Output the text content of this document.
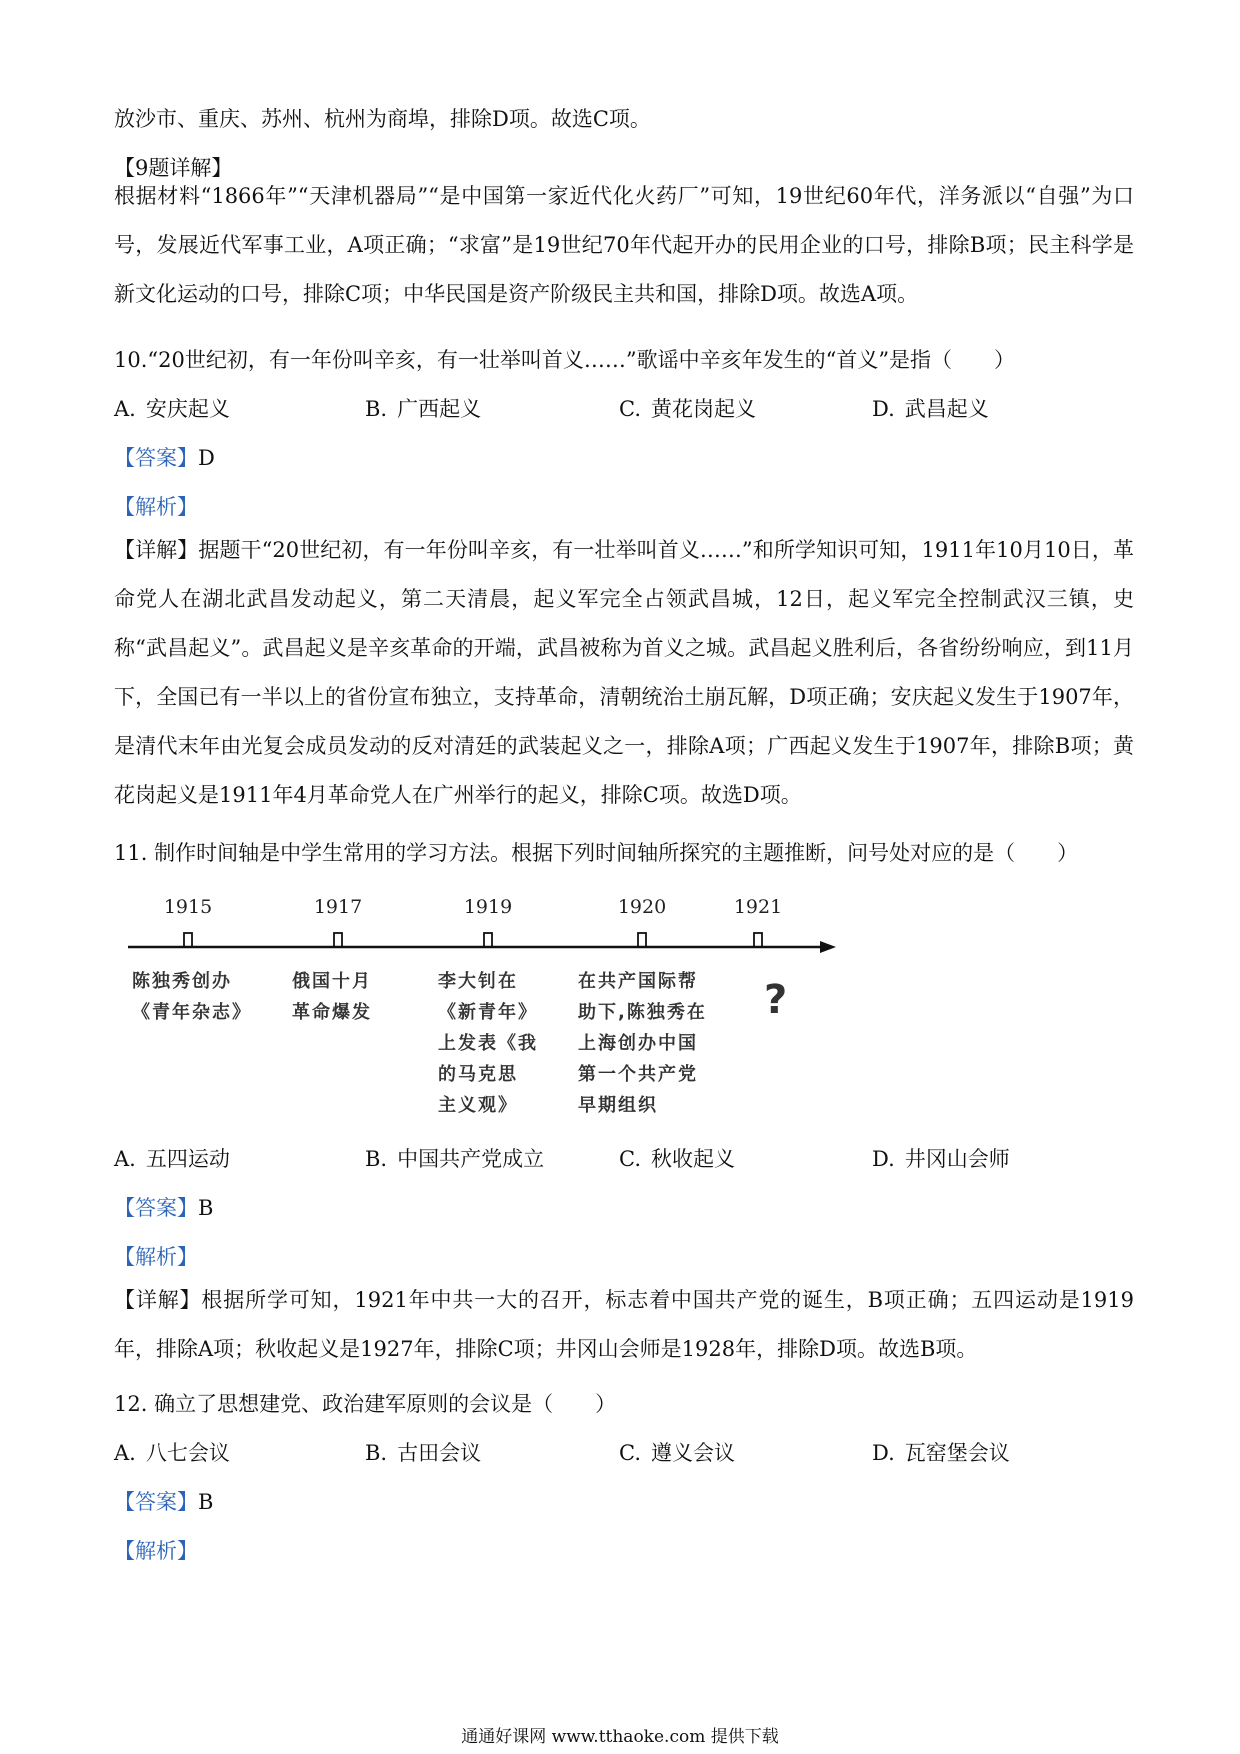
放沙市、重庆、苏州、杭州为商埠，排除D项。故选C项。
【9题详解】
根据材料“1866年”“天津机器局”“是中国第一家近代化火药厂”可知，19世纪60年代，洋务派以“自强”为口号，发展近代军事工业，A项正确；“求富”是19世纪70年代起开办的民用企业的口号，排除B项；民主科学是新文化运动的口号，排除C项；中华民国是资产阶级民主共和国，排除D项。故选A项。
10.“20世纪初，有一年份叫辛亥，有一壮举叫首义……”歌谣中辛亥年发生的“首义”是指（　　）
A. 安庆起义	B. 广西起义	C. 黄花岗起义	D. 武昌起义
【答案】D
【解析】
【详解】据题干“20世纪初，有一年份叫辛亥，有一壮举叫首义……”和所学知识可知，1911年10月10日，革命党人在湖北武昌发动起义，第二天清晨，起义军完全占领武昌城，12日，起义军完全控制武汉三镇，史称“武昌起义”。武昌起义是辛亥革命的开端，武昌被称为首义之城。武昌起义胜利后，各省纷纷响应，到11月下，全国已有一半以上的省份宣布独立，支持革命，清朝统治土崩瓦解，D项正确；安庆起义发生于1907年，是清代末年由光复会成员发动的反对清廷的武装起义之一，排除A项；广西起义发生于1907年，排除B项；黄花岗起义是1911年4月革命党人在广州举行的起义，排除C项。故选D项。
11. 制作时间轴是中学生常用的学习方法。根据下列时间轴所探究的主题推断，问号处对应的是（　　）
1915
陈独秀创办
《青年杂志》
1917
俄国十月
革命爆发
1919
李大钊在
《新青年》
上发表《我
的马克思
主义观》
1920
在共产国际帮
助下,陈独秀在
上海创办中国
第一个共产党
早期组织
1921
?
A. 五四运动	B. 中国共产党成立	C. 秋收起义	D. 井冈山会师
【答案】B
【解析】
【详解】根据所学可知，1921年中共一大的召开，标志着中国共产党的诞生，B项正确；五四运动是1919年，排除A项；秋收起义是1927年，排除C项；井冈山会师是1928年，排除D项。故选B项。
12. 确立了思想建党、政治建军原则的会议是（　　）
A. 八七会议	B. 古田会议	C. 遵义会议	D. 瓦窑堡会议
【答案】B
【解析】
通通好课网 www.tthaoke.com 提供下载
